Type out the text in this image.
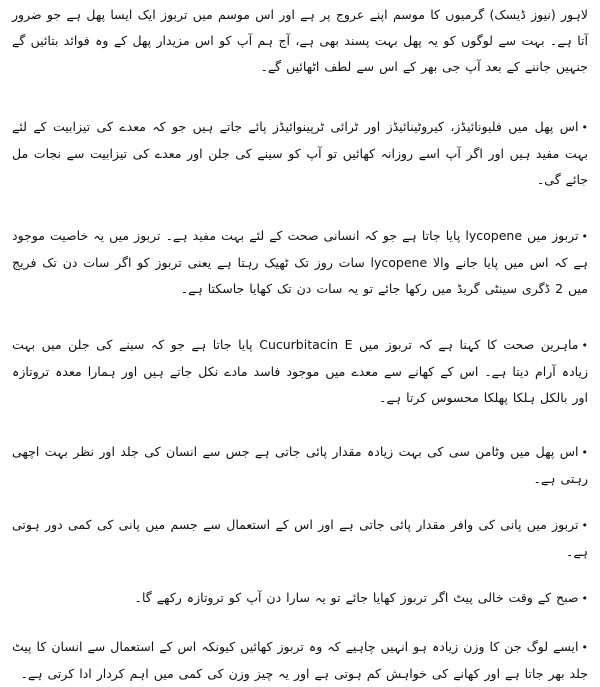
لاہور (نیوز ڈیسک) گرمیوں کا موسم اپنے عروج پر ہے اور اس موسم میں تربوز ایک ایسا پھل ہے جو ضرور آتا ہے۔ بہت سے لوگوں کو یہ پھل بہت پسند بھی ہے، آج ہم آپ کو اس مزیدار پھل کے وہ فوائد بتائیں گے جنہیں جاننے کے بعد آپ جی بھر کے اس سے لطف اٹھائیں گے۔

•اس پھل میں فلیونائیڈز، کیروٹینائیڈز اور ٹرائی ٹرپینوائیڈز پائے جاتے ہیں جو کہ معدے کی تیزابیت کے لئے بہت مفید ہیں اور اگر آپ اسے روزانہ کھائیں تو آپ کو سینے کی جلن اور معدے کی تیزابیت سے نجات مل جائے گی۔

•تربوز میں lycopene پایا جاتا ہے جو کہ انسانی صحت کے لئے بہت مفید ہے۔ تربوز میں یہ خاصیت موجود ہے کہ اس میں پایا جانے والا lycopene سات روز تک ٹھیک رہتا ہے یعنی تربوز کو اگر سات دن تک فریج میں 2 ڈگری سینٹی گریڈ میں رکھا جائے تو یہ سات دن تک کھایا جاسکتا ہے۔

•ماہرین صحت کا کہنا ہے کہ تربوز میں Cucurbitacin E پایا جاتا ہے جو کہ سینے کی جلن میں بہت زیادہ آرام دیتا ہے۔ اس کے کھانے سے معدے میں موجود فاسد مادے نکل جاتے ہیں اور ہمارا معدہ تروتازہ اور بالکل ہلکا پھلکا محسوس کرتا ہے۔

•اس پھل میں وٹامن سی کی بہت زیادہ مقدار پائی جاتی ہے جس سے انسان کی جلد اور نظر بہت اچھی رہتی ہے۔

•تربوز میں پانی کی وافر مقدار پائی جاتی ہے اور اس کے استعمال سے جسم میں پانی کی کمی دور ہوتی ہے۔

•صبح کے وقت خالی پیٹ اگر تربوز کھایا جائے تو یہ سارا دن آپ کو تروتازہ رکھے گا۔

•ایسے لوگ جن کا وزن زیادہ ہو انہیں چاہیے کہ وہ تربوز کھائیں کیونکہ اس کے استعمال سے انسان کا پیٹ جلد بھر جاتا ہے اور کھانے کی خواہش کم ہوتی ہے اور یہ چیز وزن کی کمی میں اہم کردار ادا کرتی ہے۔
